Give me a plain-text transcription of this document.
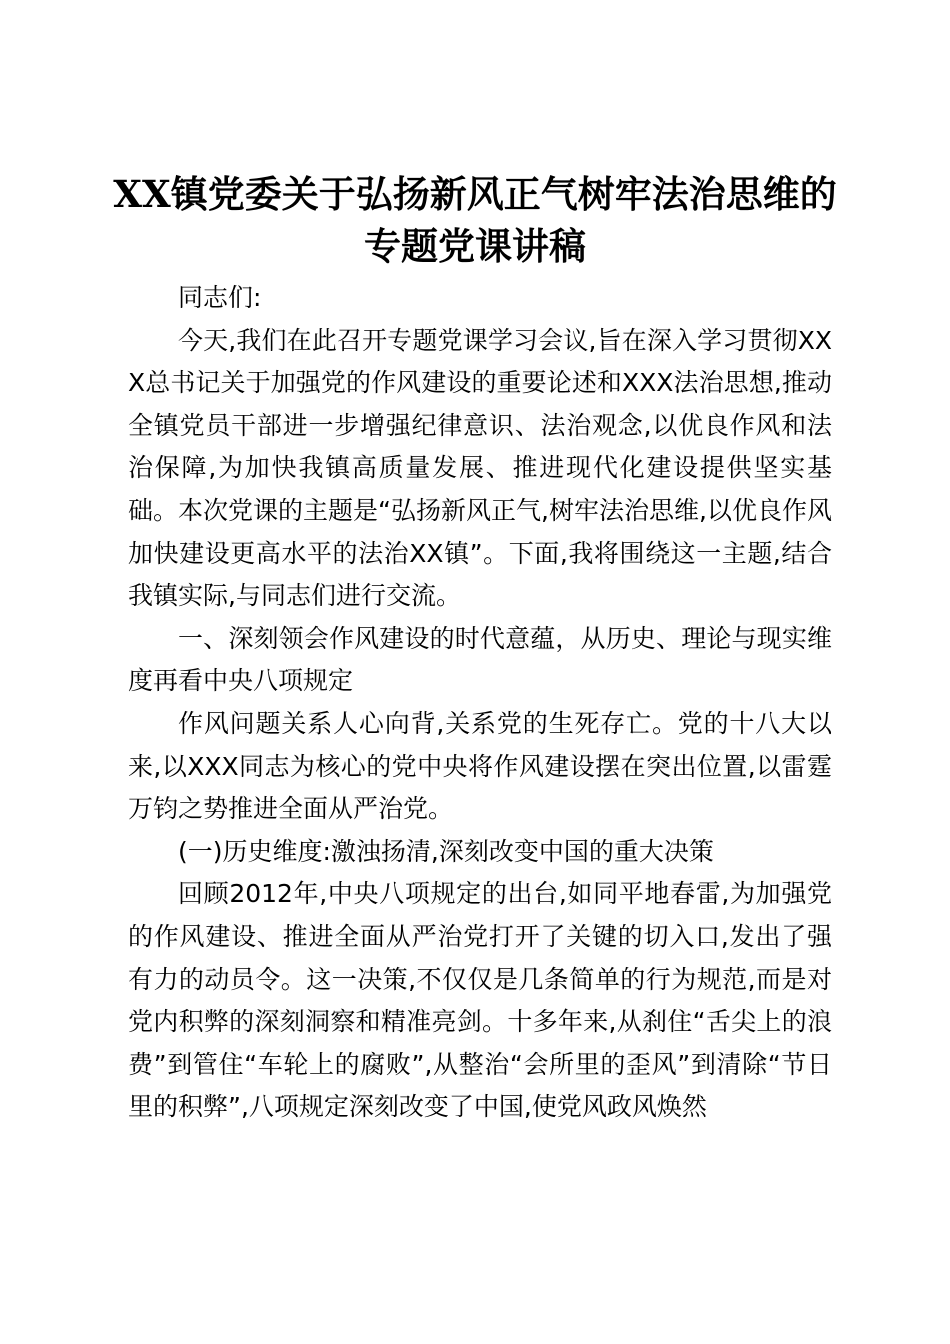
XX镇党委关于弘扬新风正气树牢法治思维的专题党课讲稿

同志们:

今天,我们在此召开专题党课学习会议,旨在深入学习贯彻XXX总书记关于加强党的作风建设的重要论述和XXX法治思想,推动全镇党员干部进一步增强纪律意识、法治观念,以优良作风和法治保障,为加快我镇高质量发展、推进现代化建设提供坚实基础。本次党课的主题是“弘扬新风正气,树牢法治思维,以优良作风加快建设更高水平的法治XX镇”。下面,我将围绕这一主题,结合我镇实际,与同志们进行交流。

一、深刻领会作风建设的时代意蕴，从历史、理论与现实维度再看中央八项规定

作风问题关系人心向背,关系党的生死存亡。党的十八大以来,以XXX同志为核心的党中央将作风建设摆在突出位置,以雷霆万钧之势推进全面从严治党。

(一)历史维度:激浊扬清,深刻改变中国的重大决策

回顾2012年,中央八项规定的出台,如同平地春雷,为加强党的作风建设、推进全面从严治党打开了关键的切入口,发出了强有力的动员令。这一决策,不仅仅是几条简单的行为规范,而是对党内积弊的深刻洞察和精准亮剑。十多年来,从刹住“舌尖上的浪费”到管住“车轮上的腐败”,从整治“会所里的歪风”到清除“节日里的积弊”,八项规定深刻改变了中国,使党风政风焕然
